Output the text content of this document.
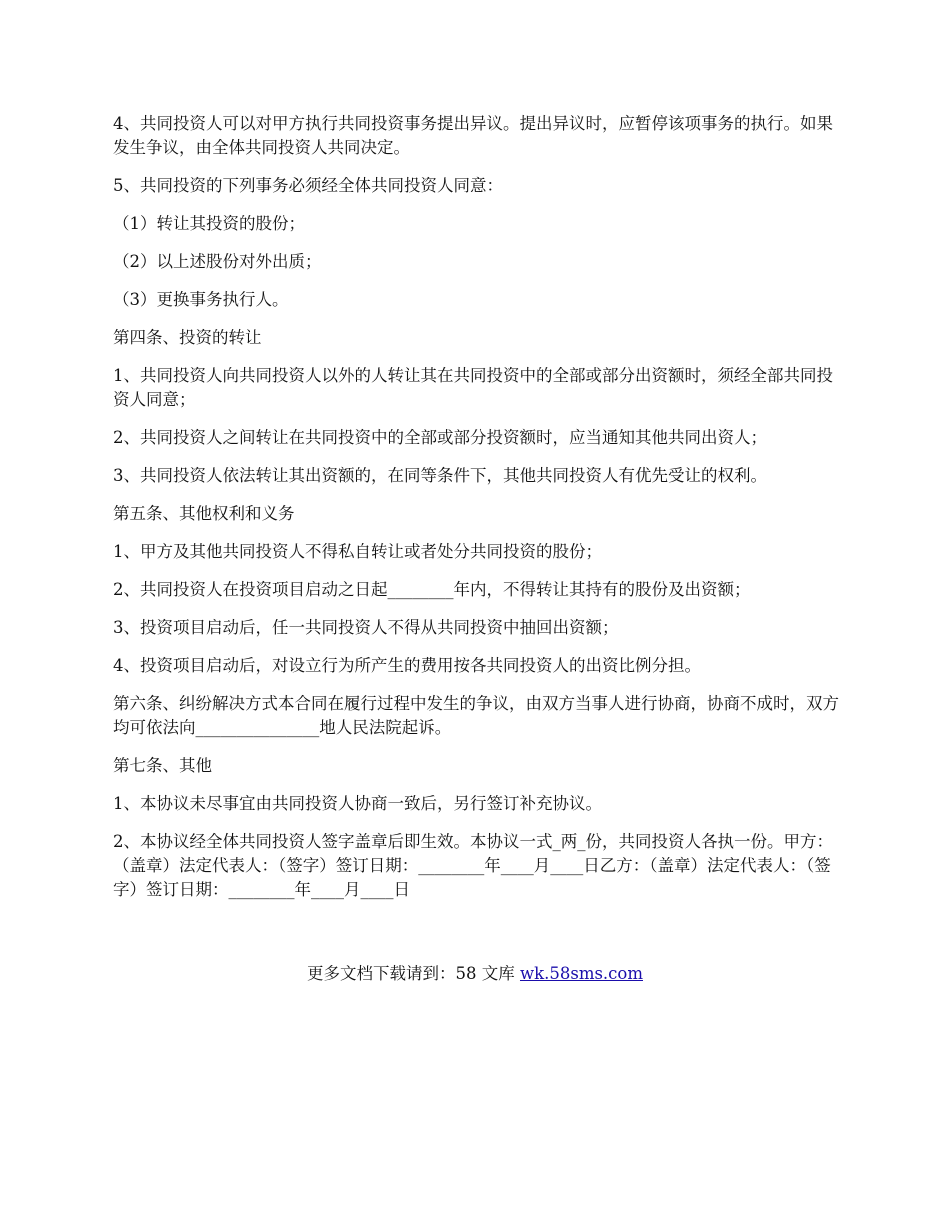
4、共同投资人可以对甲方执行共同投资事务提出异议。提出异议时，应暂停该项事务的执行。如果发生争议，由全体共同投资人共同决定。

5、共同投资的下列事务必须经全体共同投资人同意：

（1）转让其投资的股份；

（2）以上述股份对外出质；

（3）更换事务执行人。

第四条、投资的转让

1、共同投资人向共同投资人以外的人转让其在共同投资中的全部或部分出资额时，须经全部共同投资人同意；

2、共同投资人之间转让在共同投资中的全部或部分投资额时，应当通知其他共同出资人；

3、共同投资人依法转让其出资额的，在同等条件下，其他共同投资人有优先受让的权利。

第五条、其他权利和义务

1、甲方及其他共同投资人不得私自转让或者处分共同投资的股份；

2、共同投资人在投资项目启动之日起________年内，不得转让其持有的股份及出资额；

3、投资项目启动后，任一共同投资人不得从共同投资中抽回出资额；

4、投资项目启动后，对设立行为所产生的费用按各共同投资人的出资比例分担。

第六条、纠纷解决方式本合同在履行过程中发生的争议，由双方当事人进行协商，协商不成时，双方均可依法向_______________地人民法院起诉。

第七条、其他

1、本协议未尽事宜由共同投资人协商一致后，另行签订补充协议。

2、本协议经全体共同投资人签字盖章后即生效。本协议一式_两_份，共同投资人各执一份。甲方：（盖章）法定代表人：（签字）签订日期：________年____月____日乙方：（盖章）法定代表人：（签字）签订日期：________年____月____日

更多文档下载请到：58 文库 wk.58sms.com
